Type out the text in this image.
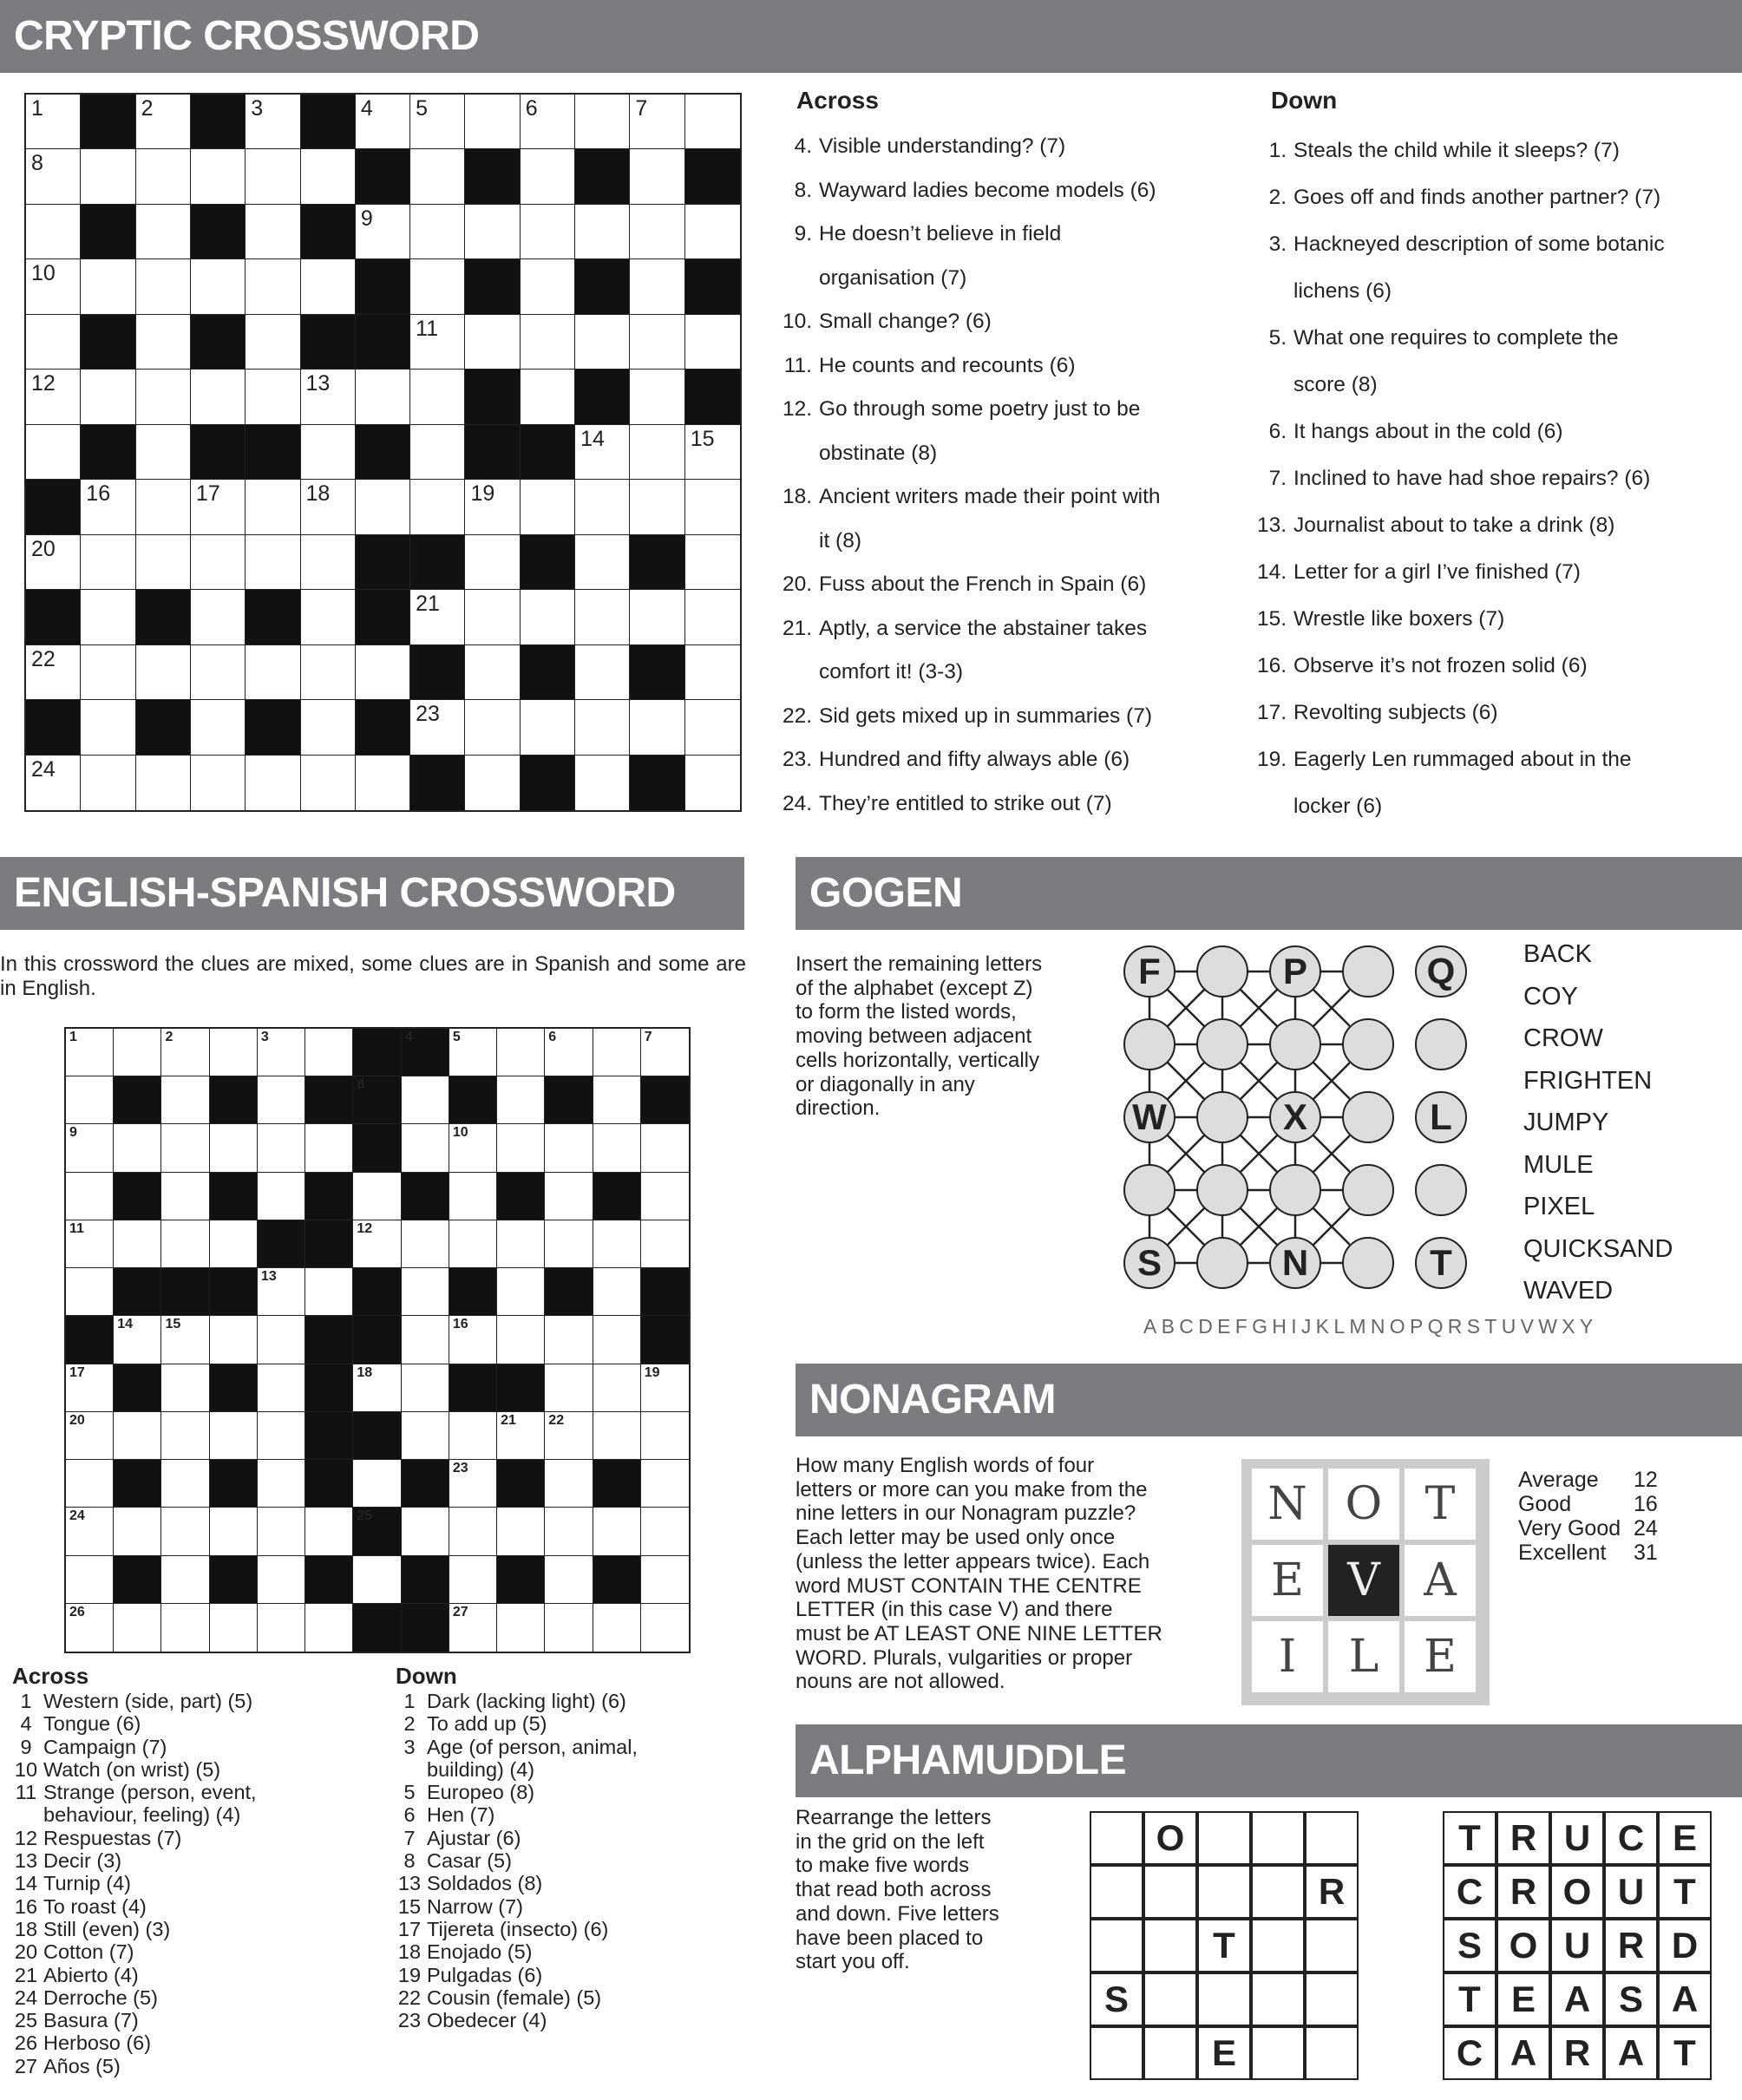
CRYPTIC CROSSWORD
1	2	3	4 5	6	7
8
9
10
11
12	13
14	15
16	17	18	19
20
21
22
23
24
Across
4. Visible understanding? (7)
8. Wayward ladies become models (6)
9. He doesn’t believe in field
organisation (7)
10. Small change? (6)
11. He counts and recounts (6)
12. Go through some poetry just to be
obstinate (8)
18. Ancient writers made their point with
it (8)
20. Fuss about the French in Spain (6)
21. Aptly, a service the abstainer takes
comfort it! (3-3)
22. Sid gets mixed up in summaries (7)
23. Hundred and fifty always able (6)
24. They’re entitled to strike out (7)
Down
1. Steals the child while it sleeps? (7)
2. Goes off and finds another partner? (7)
3. Hackneyed description of some botanic
lichens (6)
5. What one requires to complete the
score (8)
6. It hangs about in the cold (6)
7. Inclined to have had shoe repairs? (6)
13. Journalist about to take a drink (8)
14. Letter for a girl I’ve finished (7)
15. Wrestle like boxers (7)
16. Observe it’s not frozen solid (6)
17. Revolting subjects (6)
19. Eagerly Len rummaged about in the
locker (6)
ENGLISH-SPANISH CROSSWORD
In this crossword the clues are mixed, some clues are in Spanish and some are in English.
1	2	3	4	5	6	7
8
9	10
11	12
13
14 15	16
17	18	19
20	21 22
23
24	25
26	27
Across
1 Western (side, part) (5)
4 Tongue (6)
9 Campaign (7)
10 Watch (on wrist) (5)
11 Strange (person, event,
behaviour, feeling) (4)
12 Respuestas (7)
13 Decir (3)
14 Turnip (4)
16 To roast (4)
18 Still (even) (3)
20 Cotton (7)
21 Abierto (4)
24 Derroche (5)
25 Basura (7)
26 Herboso (6)
27 Años (5)
Down
1 Dark (lacking light) (6)
2 To add up (5)
3 Age (of person, animal,
building) (4)
5 Europeo (8)
6 Hen (7)
7 Ajustar (6)
8 Casar (5)
13 Soldados (8)
15 Narrow (7)
17 Tijereta (insecto) (6)
18 Enojado (5)
19 Pulgadas (6)
22 Cousin (female) (5)
23 Obedecer (4)
GOGEN
Insert the remaining letters
of the alphabet (except Z)
to form the listed words,
moving between adjacent
cells horizontally, vertically
or diagonally in any
direction.
F	P	Q
W	X	L
S	N	T
BACK
COY
CROW
FRIGHTEN
JUMPY
MULE
PIXEL
QUICKSAND
WAVED
ABCDEFGHIJKLMNOPQRSTUVWXY
NONAGRAM
How many English words of four
letters or more can you make from the
nine letters in our Nonagram puzzle?
Each letter may be used only once
(unless the letter appears twice). Each
word MUST CONTAIN THE CENTRE
LETTER (in this case V) and there
must be AT LEAST ONE NINE LETTER
WORD. Plurals, vulgarities or proper
nouns are not allowed.
N O T
E V A
I	L E
Average	12
Good	16
Very Good 24
Excellent	31
ALPHAMUDDLE
Rearrange the letters
in the grid on the left
to make five words
that read both across
and down. Five letters
have been placed to
start you off.
O
R
T
S
E
T R U C E
C R O U T
S O U R D
T E A S A
C A R A T
